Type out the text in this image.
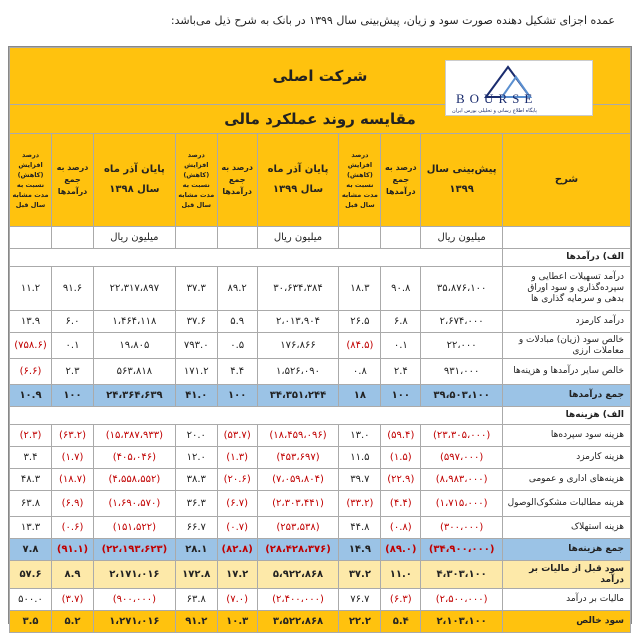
عمده اجزای تشکیل دهنده صورت سود و زیان، پیش‌بینی سال ۱۳۹۹ در بانک به شرح ذیل می‌باشد:
شرکت اصلی									
مقایسه روند عملکرد مالی									
شرح	پیش‌بینی سال ۱۳۹۹	درصد به جمع درآمدها	درصد افزایش (کاهش) نسبت به مدت مشابه سال قبل	پایان آذر ماه سال ۱۳۹۹	درصد به جمع درآمدها	درصد افزایش (کاهش) نسبت به مدت مشابه سال قبل	پایان آذر ماه سال ۱۳۹۸	درصد به جمع درآمدها	درصد افزایش (کاهش) نسبت به مدت مشابه سال قبل
	میلیون ریال			میلیون ریال			میلیون ریال		
الف) درآمدها									
درآمد تسهیلات اعطایی و سپرده‌گذاری و سود اوراق بدهی و سرمایه گذاری ها	۳۵،۸۷۶،۱۰۰	۹۰.۸	۱۸.۳	۳۰،۶۳۴،۳۸۴	۸۹.۲	۳۷.۳	۲۲،۳۱۷،۸۹۷	۹۱.۶	۱۱.۲
درآمد کارمزد	۲،۶۷۴،۰۰۰	۶.۸	۲۶.۵	۲،۰۱۳،۹۰۴	۵.۹	۳۷.۶	۱،۴۶۴،۱۱۸	۶.۰	۱۳.۹
خالص سود (زیان) مبادلات و معاملات ارزی	۲۲،۰۰۰	۰.۱	(۸۴.۵)	۱۷۶،۸۶۶	۰.۵	۷۹۳.۰	۱۹،۸۰۵	۰.۱	(۷۵۸.۶)
خالص سایر درآمدها و هزینه‌ها	۹۳۱،۰۰۰	۲.۴	۰.۸	۱،۵۲۶،۰۹۰	۴.۴	۱۷۱.۲	۵۶۳،۸۱۸	۲.۳	(۶.۶)
جمع درآمدها	۳۹،۵۰۳،۱۰۰	۱۰۰	۱۸	۳۴،۳۵۱،۲۴۴	۱۰۰	۴۱.۰	۲۴،۳۶۴،۶۳۹	۱۰۰	۱۰.۹
الف) هزینه‌ها									
هزینه سود سپرده‌ها	(۲۳،۳۰۵،۰۰۰)	(۵۹.۴)	۱۳.۰	(۱۸،۴۵۹،۰۹۶)	(۵۳.۷)	۲۰.۰	(۱۵،۳۸۷،۹۳۳)	(۶۳.۲)	(۲.۳)
هزینه کارمزد	(۵۹۷،۰۰۰)	(۱.۵)	۱۱.۵	(۴۵۳،۶۹۷)	(۱.۳)	۱۲.۰	(۴۰۵،۰۴۶)	(۱.۷)	۳.۴
هزینه‌های اداری و عمومی	(۸،۹۸۳،۰۰۰)	(۲۲.۹)	۳۹.۷	(۷،۰۵۹،۸۰۴)	(۲۰.۶)	۳۸.۳	(۴،۵۵۸،۵۵۲)	(۱۸.۷)	۴۸.۳
هزینه مطالبات مشکوک‌الوصول	(۱،۷۱۵،۰۰۰)	(۴.۴)	(۳۳.۲)	(۲،۳۰۳،۴۴۱)	(۶.۷)	۳۶.۳	(۱،۶۹۰،۵۷۰)	(۶.۹)	۶۳.۸
هزینه استهلاک	(۳۰۰،۰۰۰)	(۰.۸)	۴۴.۸	(۲۵۳،۵۳۸)	(۰.۷)	۶۶.۷	(۱۵۱،۵۲۲)	(۰.۶)	۱۳.۳
جمع هزینه‌ها	(۳۴،۹۰۰،۰۰۰)	(۸۹.۰)	۱۴.۹	(۲۸،۴۲۸،۳۷۶)	(۸۲.۸)	۲۸.۱	(۲۲،۱۹۳،۶۲۳)	(۹۱.۱)	۷.۸
سود قبل از مالیات بر درآمد	۴،۳۰۳،۱۰۰	۱۱.۰	۳۷.۲	۵،۹۲۲،۸۶۸	۱۷.۲	۱۷۲.۸	۲،۱۷۱،۰۱۶	۸.۹	۵۷.۶
مالیات بر درآمد	(۲،۵۰۰،۰۰۰)	(۶.۳)	۷۶.۷	(۲،۴۰۰،۰۰۰)	(۷.۰)	۶۳.۸	(۹۰۰،۰۰۰)	(۳.۷)	۵۰۰.۰
سود خالص	۲،۱۰۳،۱۰۰	۵.۴	۲۲.۲	۳،۵۲۲،۸۶۸	۱۰.۳	۹۱.۲	۱،۲۷۱،۰۱۶	۵.۲	۳.۵
BOURSE
پایگاه اطلاع رسانی و تحلیلی بورس ایران
